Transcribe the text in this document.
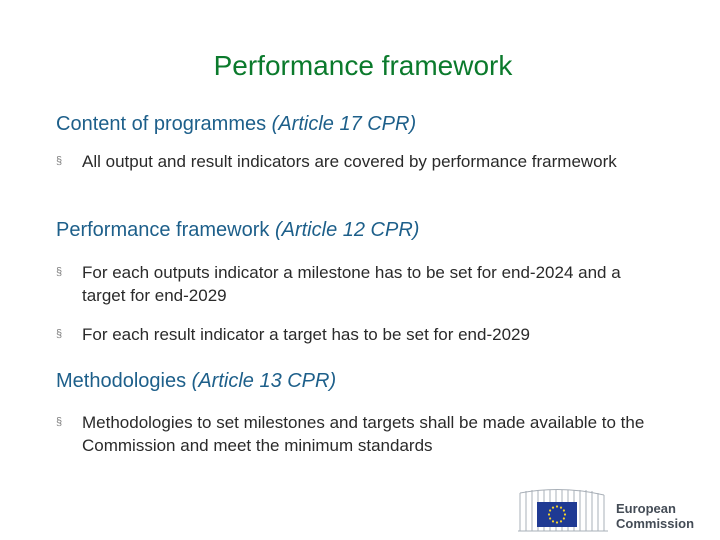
Performance framework
Content of programmes (Article 17 CPR)
§
All output and result indicators are covered by performance frarmework
Performance framework (Article 12 CPR)
§
For each outputs indicator a milestone has to be set for end-2024 and a target for end-2029
§
For each result indicator a target has to be set for end-2029
Methodologies (Article 13 CPR)
§
Methodologies to set milestones and targets shall be made available to the Commission and meet the minimum standards
European
Commission
